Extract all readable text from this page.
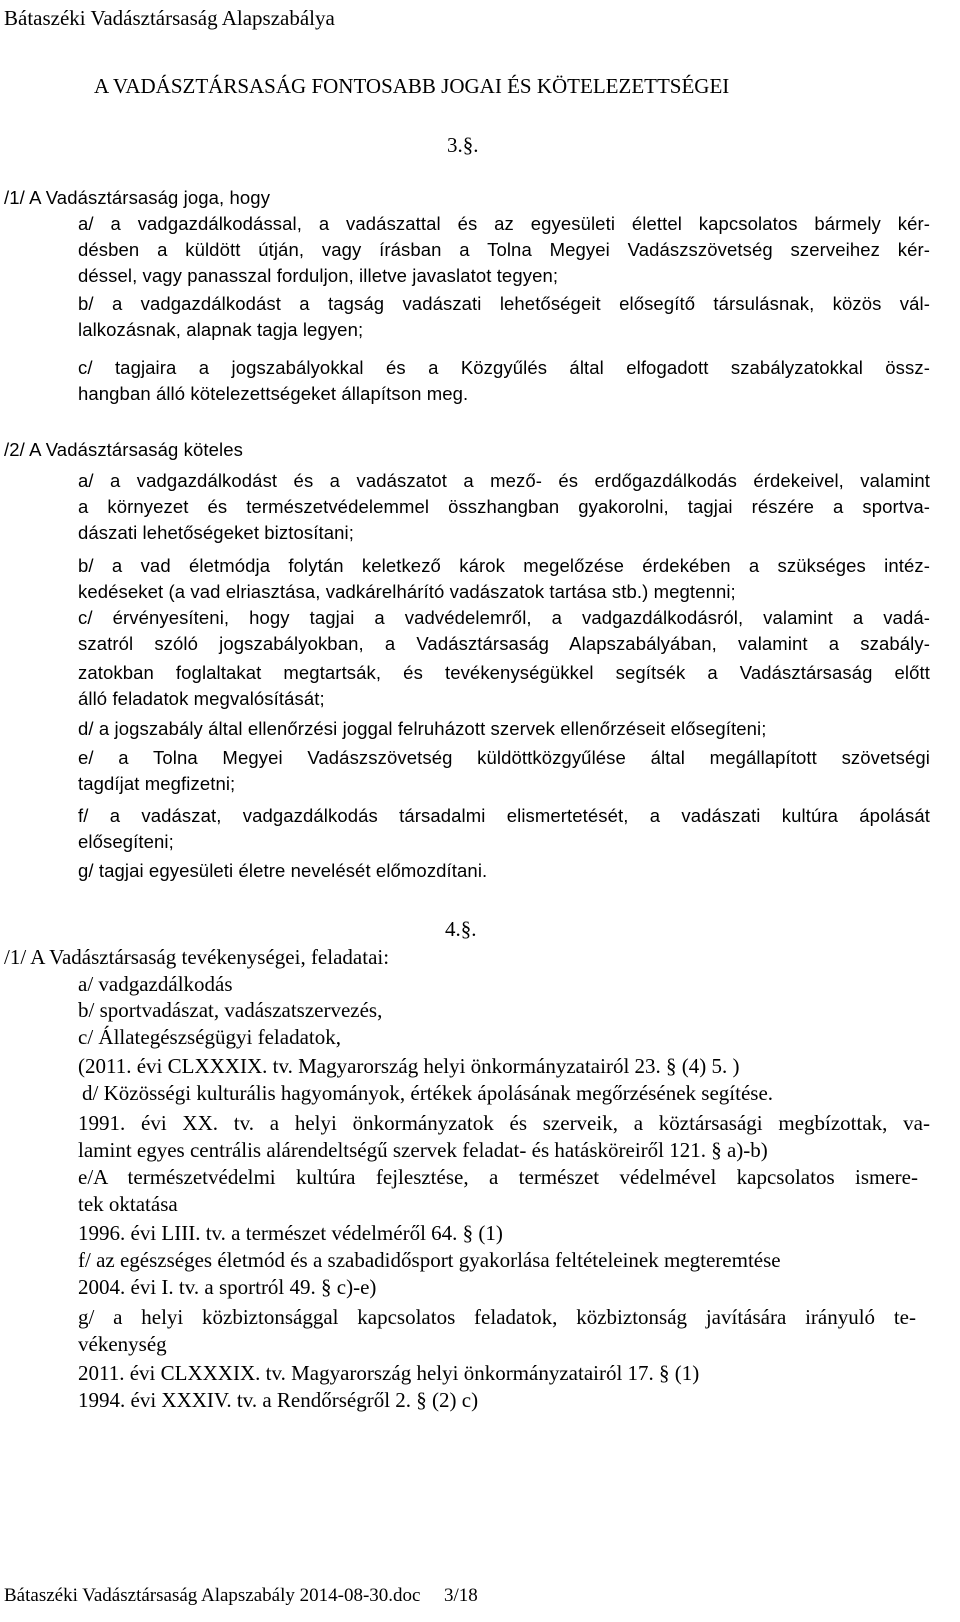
Bátaszéki Vadásztársaság Alapszabálya
A VADÁSZTÁRSASÁG FONTOSABB JOGAI ÉS KÖTELEZETTSÉGEI
3.§.
/1/ A Vadásztársaság joga, hogy
a/ a vadgazdálkodással, a vadászattal és az egyesületi élettel kapcsolatos bármely kér-
désben a küldött útján, vagy írásban a Tolna Megyei Vadászszövetség szerveihez kér-
déssel, vagy panasszal forduljon, illetve javaslatot tegyen;
b/ a vadgazdálkodást a tagság vadászati lehetőségeit elősegítő társulásnak, közös vál-
lalkozásnak, alapnak tagja legyen;
c/ tagjaira a jogszabályokkal és a Közgyűlés által elfogadott szabályzatokkal össz-
hangban álló kötelezettségeket állapítson meg.
/2/ A Vadásztársaság köteles
a/ a vadgazdálkodást és a vadászatot a mező- és erdőgazdálkodás érdekeivel, valamint
a környezet és természetvédelemmel összhangban gyakorolni, tagjai részére a sportva-
dászati lehetőségeket biztosítani;
b/ a vad életmódja folytán keletkező károk megelőzése érdekében a szükséges intéz-
kedéseket (a vad elriasztása, vadkárelhárító vadászatok tartása stb.) megtenni;
c/ érvényesíteni, hogy tagjai a vadvédelemről, a vadgazdálkodásról, valamint a vadá-
szatról szóló jogszabályokban, a Vadásztársaság Alapszabályában, valamint a szabály-
zatokban foglaltakat megtartsák, és tevékenységükkel segítsék a Vadásztársaság előtt
álló feladatok megvalósítását;
d/ a jogszabály által ellenőrzési joggal felruházott szervek ellenőrzéseit elősegíteni;
e/ a Tolna Megyei Vadászszövetség küldöttközgyűlése által megállapított szövetségi
tagdíjat megfizetni;
f/ a vadászat, vadgazdálkodás társadalmi elismertetését, a vadászati kultúra ápolását
elősegíteni;
g/ tagjai egyesületi életre nevelését előmozdítani.
4.§.
/1/ A Vadásztársaság tevékenységei, feladatai:
a/ vadgazdálkodás
b/ sportvadászat, vadászatszervezés,
c/ Állategészségügyi feladatok,
(2011. évi CLXXXIX. tv. Magyarország helyi önkormányzatairól 23. § (4) 5. )
d/ Közösségi kulturális hagyományok, értékek ápolásának megőrzésének segítése.
1991. évi XX. tv. a helyi önkormányzatok és szerveik, a köztársasági megbízottak, va-
lamint egyes centrális alárendeltségű szervek feladat- és hatásköreiről 121. § a)-b)
e/A természetvédelmi kultúra fejlesztése, a természet védelmével kapcsolatos ismere-
tek oktatása
1996. évi LIII. tv. a természet védelméről 64. § (1)
f/ az egészséges életmód és a szabadidősport gyakorlása feltételeinek megteremtése
2004. évi I. tv. a sportról 49. § c)-e)
g/ a helyi közbiztonsággal kapcsolatos feladatok, közbiztonság javítására irányuló te-
vékenység
2011. évi CLXXXIX. tv. Magyarország helyi önkormányzatairól 17. § (1)
1994. évi XXXIV. tv. a Rendőrségről 2. § (2) c)
Bátaszéki Vadásztársaság Alapszabály 2014-08-30.doc 3/18
